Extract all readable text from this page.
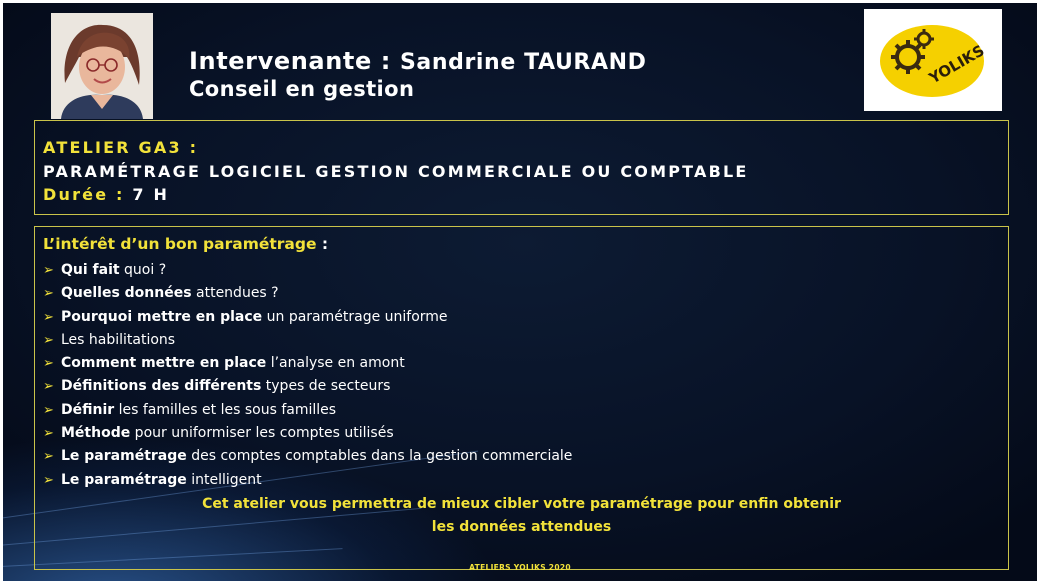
Intervenante : Sandrine TAURAND
Conseil en gestion
YOLIKS
ATELIER GA3 :
PARAMÉTRAGE LOGICIEL GESTION COMMERCIALE OU COMPTABLE
Durée : 7 H
L’intérêt d’un bon paramétrage :
➢ Qui fait quoi ?
➢ Quelles données attendues ?
➢ Pourquoi mettre en place un paramétrage uniforme
➢ Les habilitations
➢ Comment mettre en place l’analyse en amont
➢ Définitions des différents types de secteurs
➢ Définir les familles et les sous familles
➢ Méthode pour uniformiser les comptes utilisés
➢ Le paramétrage des comptes comptables dans la gestion commerciale
➢ Le paramétrage intelligent
Cet atelier vous permettra de mieux cibler votre paramétrage pour enfin obtenir
les données attendues
ATELIERS YOLIKS 2020
